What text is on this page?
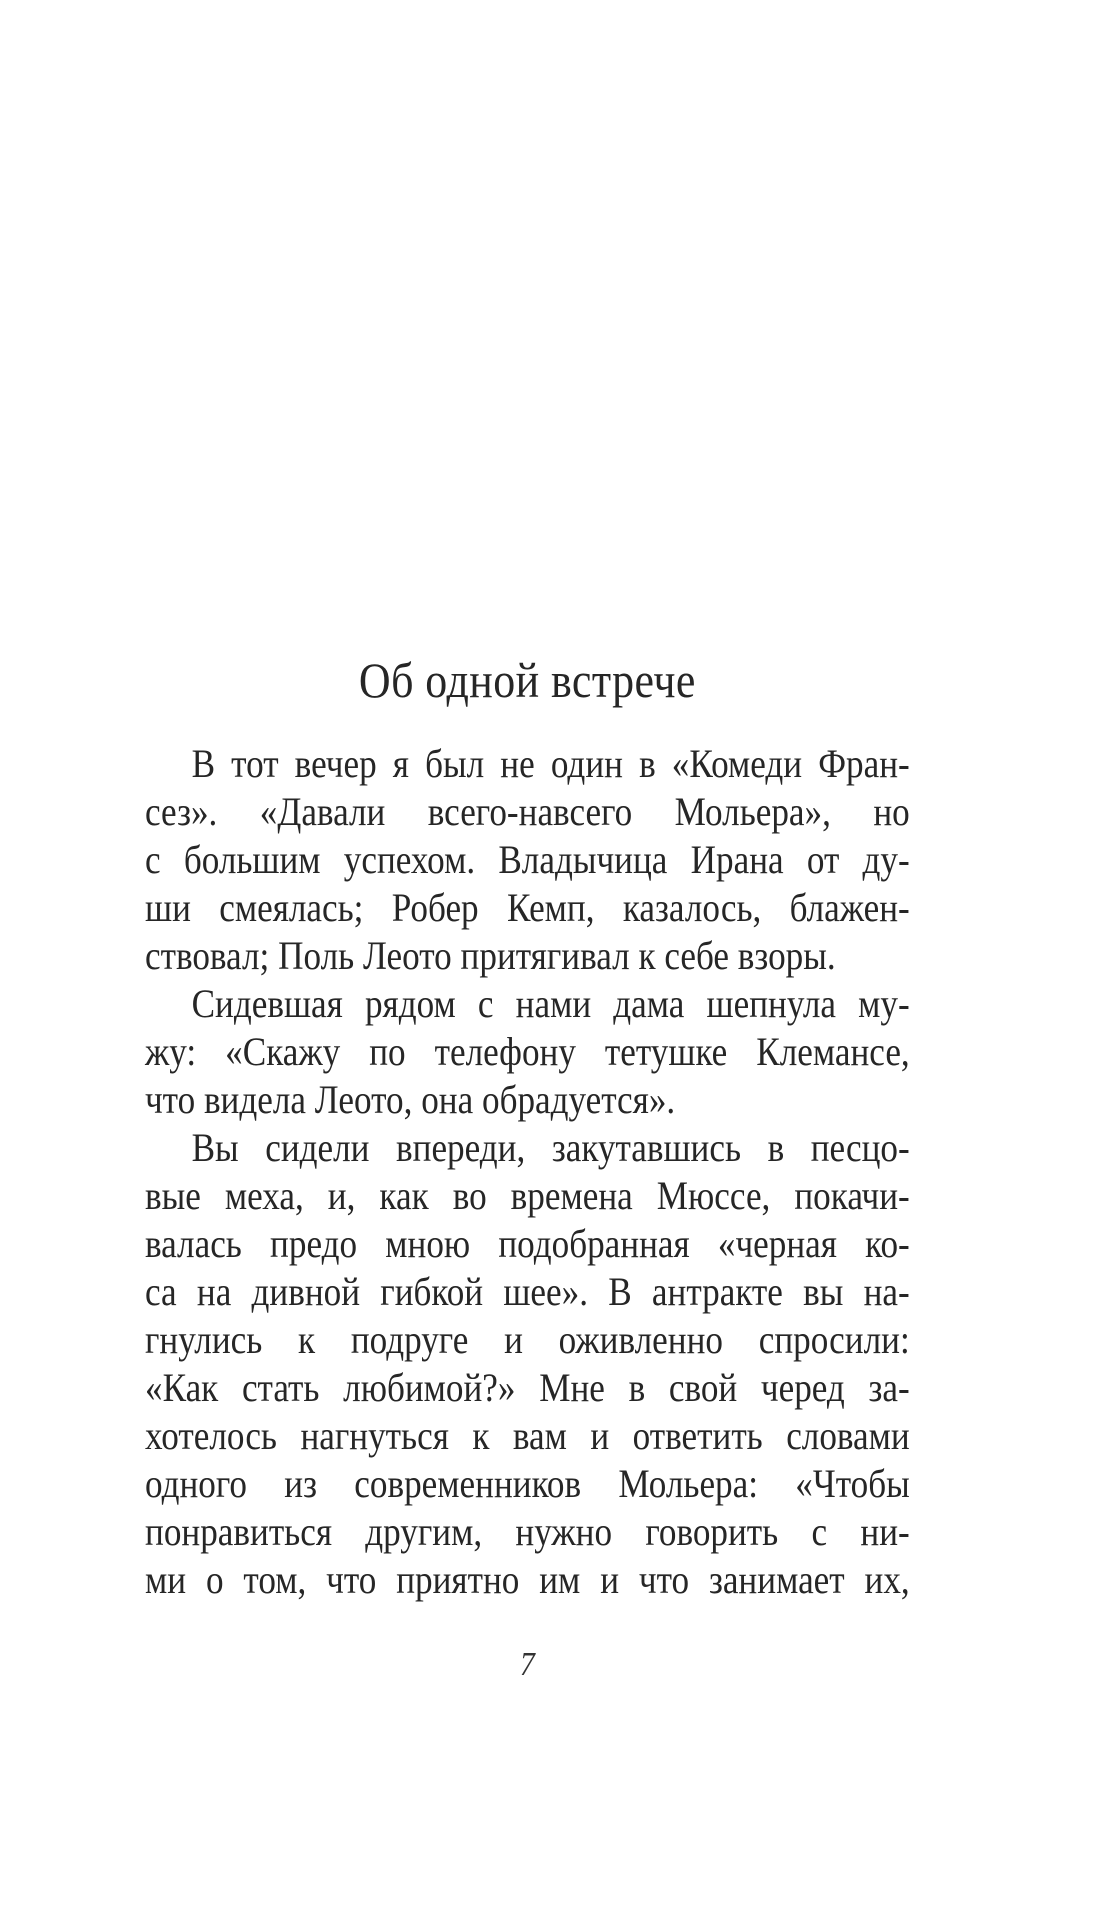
Об одной встрече
В тот вечер я был не один в «Комеди Фран-
сез». «Давали всего-навсего Мольера», но
с большим успехом. Владычица Ирана от ду-
ши смеялась; Робер Кемп, казалось, блажен-
ствовал; Поль Леото притягивал к себе взоры.
Сидевшая рядом с нами дама шепнула му-
жу: «Скажу по телефону тетушке Клемансе,
что видела Леото, она обрадуется».
Вы сидели впереди, закутавшись в песцо-
вые меха, и, как во времена Мюссе, покачи-
валась предо мною подобранная «черная ко-
са на дивной гибкой шее». В антракте вы на-
гнулись к подруге и оживленно спросили:
«Как стать любимой?» Мне в свой черед за-
хотелось нагнуться к вам и ответить словами
одного из современников Мольера: «Чтобы
понравиться другим, нужно говорить с ни-
ми о том, что приятно им и что занимает их,
7
